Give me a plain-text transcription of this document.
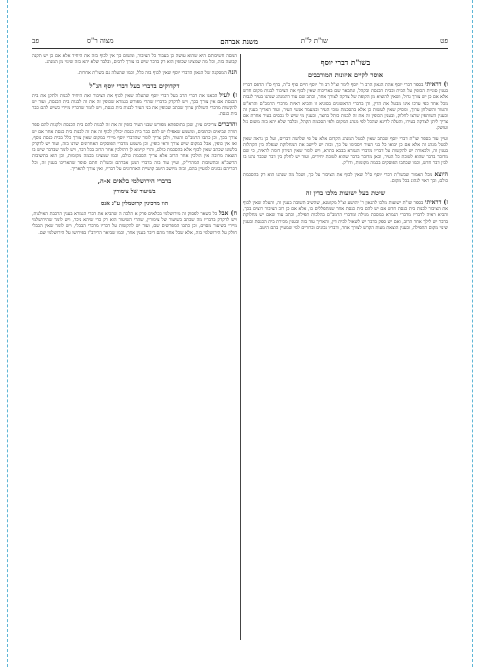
פט
שו"ת ל"ת
משנת אברהם
מצוה ר"ס
פב
בשו"ת דברי יוסף
אוסר לקיים איזונות המורבבים

ו) דראיתי בספר דברי יוסף אהת הגאון הרב ר' יוסף לימר זצ"ל רב ור' יוסף חיים סוף כ"ה, בדף ס"ז הדפס דבריו בענין סוגיית הכופין על הבית ובבית הכנסת ובקהל, ונתבאר שם באריכות שאין לכוף את הציבור לבנות מקום חדש אלא אם כן יש צורך גדול, ושאין להוציא מן הקופה של צדקה לצורך אחר, וכתב שם עוד דהמנהג שנהגו בעיר לגבות מכל אחד כפי ערכו אינו מבטל את הדין, ודן בדברי הראשונים בסוגיא זו והביא ראיות מדברי הרמב"ם והרא"ש והטור והשולחן ערוך, ומסיק שאין לעשות כן אלא בהסכמת טובי העיר ובמעמד אנשי העיר, ועוד האריך בענין זה ובענין השותפין שרצו לחלוק, ובענין הכופין זה את זה לבנות כותל בחצר, ובענין מי שיש לו נכסים בעיר אחרת אם צריך ליתן לצדקה בעירו, והעלה לדינא שהכל לפי מנהג המקום ולפי הסכמת הקהל, ובלבד שלא יהא בזה משום גזל ועושק.

ועיין עוד בספר שו"ת דברי יוסף שכתב שאין לבטל המנהג הקדום אלא על פי שלושה דברים, ועל כן נראה שאין לבטל מנהג זה אלא אם כן יבואו כל בני העיר ויסכימו על כך, ובזה יש ליישב את המחלוקת שנפלה בין הקהלות בענין זה, ולכאורה יש להקשות על דבריו מדברי הגמרא בבבא בתרא, ויש לומר שאין הנידון דומה לראיה, כי שם מדובר בדבר שהוא לטובת כל העיר, וכאן מדובר בדבר שהוא לטובת יחידים, ועוד יש לחלק בין דבר שכבר נהגו בו לבין דבר חדש, וכמו שכתבו הפוסקים בכמה מקומות, ודו"ק.

היוצא מכל האמור שבשו"ת דברי יוסף ס"ל שאין לכוף את הציבור על כך, ושכל מה שנהגו הוא רק בהסכמת כולם, וכך ראוי לנהוג בכל מקום.

שיטת בעל ישועות מלכו בדין זה

ז) דראיתי בספר שו"ת ישועות מלכו להגאון ר' יהושע זצ"ל מקוטנא, שהשיב תשובה בענין זה, והעלה שאין לכוף את הציבור לבנות בית כנסת חדש אם יש להם בית כנסת אחר שמתפללים בו, אלא אם כן רוב הציבור רוצים בכך, והביא ראיה לדבריו מדברי הגמרא במסכת מגילה ומדברי הרמב"ם בהלכות תפילה, וכתב עוד שאם יש מחלוקת בדבר יש לילך אחר הרוב, ואם יש ספק בדבר יש לשאול לבית דין, והאריך עוד בזה ובענין מכירת בית הכנסת ובענין שינוי מקום התפילה, ובענין הוצאת מעות הקדש לצורך אחר, ודבריו נכונים וברורים למי שמעיין בהם היטב.

המסה חשיבותם היא שהוא עושה כן בעבור כל הציבור, ומשום כך אין לכוף בזה את היחיד אלא אם כן יש תקנה קבועה בזה, וכל מה שמצינו שכופין הוא רק בדבר שיש בו צורך לרבים, ובלבד שלא יהא בזה שינוי מן המנהג.

הנה המסקנה של הגאון הדברי יוסף שאין לכוף בזה כלל, וכמו שהעלה גם בשו"ת אחרות.

דקדוקים בדברי בעל דברי יוסף הנ"ל

ז) לעיל הבאנו את דברי הרב בעל דברי יוסף שהעלה שאין לכוף את הציבור ואת היחיד לבנות ולתקן את בית הכנסת אם אין צורך בכך, ויש לדקדק בדבריו שהרי מפורש בגמרא שכופין זה את זה לבנות בית הכנסת, ועוד יש להקשות מדברי השולחן ערוך שכתב שכופין את בני העיר לבנות בית כנסת, ויש לומר שדבריו מיירי כשיש להם כבר בית כנסת.

והדברים צריכים עיון, שכן בתוספתא מפורש שבני העיר כופין זה את זה לבנות להם בית הכנסת ולקנות להם ספר תורה ונביאים וכתובים, ומשמע שאפילו יש להם כבר בית כנסת יכולין לכוף זה את זה לבנות בית כנסת אחר אם יש צורך בכך, וכן כתבו הרמב"ם והטור, ולכן צריך לומר שהדברי יוסף מיירי במקום שאין צורך כלל בבית כנסת נוסף, ואז אין כופין, אבל במקום שיש צורך ודאי כופין, וכן משמע מדברי הפוסקים האחרונים שדנו בזה, ועוד יש לדקדק בלשונו שכתב שאין לכוף אלא בהסכמת כולם, והרי קיימא לן דהולכין אחר הרוב בכל דבר, ויש לומר שבדבר שיש בו הוצאה מרובה אין הולכין אחר הרוב אלא צריך הסכמת כולם, וכמו שמצינו בכמה מקומות, וכן הוא בתשובות הרשב"א ובתשובות המהרי"ק, ועיין עוד בזה בדברי המגן אברהם ובשו"ת חתם סופר שהאריכו בענין זה, וכל דבריהם נכונים למעיין בהם, ובזה מיושב היטב קושיית האחרונים על דבריו, ואין צורך להאריך.

בדברי הירושלמי בלאים א-ה,
בשיעור של צימורין
הוו מרכינין קרוטמלין ע"ג אנס

ח) אבל כל כשאר לפסוק זה מירושלמי בכלאים פרק א הלכה ה שהביא את דברי הגמרא בענין הרכבת האילנות, ויש לדקדק בדבריו מה שכתב בשיעור של צימורין, שהרי השיעור הוא רק כדי שיהא ניכר, ויש לומר שהירושלמי מיירי בשיעור מסוים, וכן כתבו המפרשים שם, ועוד יש להקשות על דבריו מדברי הבבלי, ויש לומר שאין הבבלי חולק על הירושלמי בזה, אלא שכל אחד מהם דיבר בענין אחר, וכמו שביאר הרידב"ז בפירושו על הירושלמי שם.
